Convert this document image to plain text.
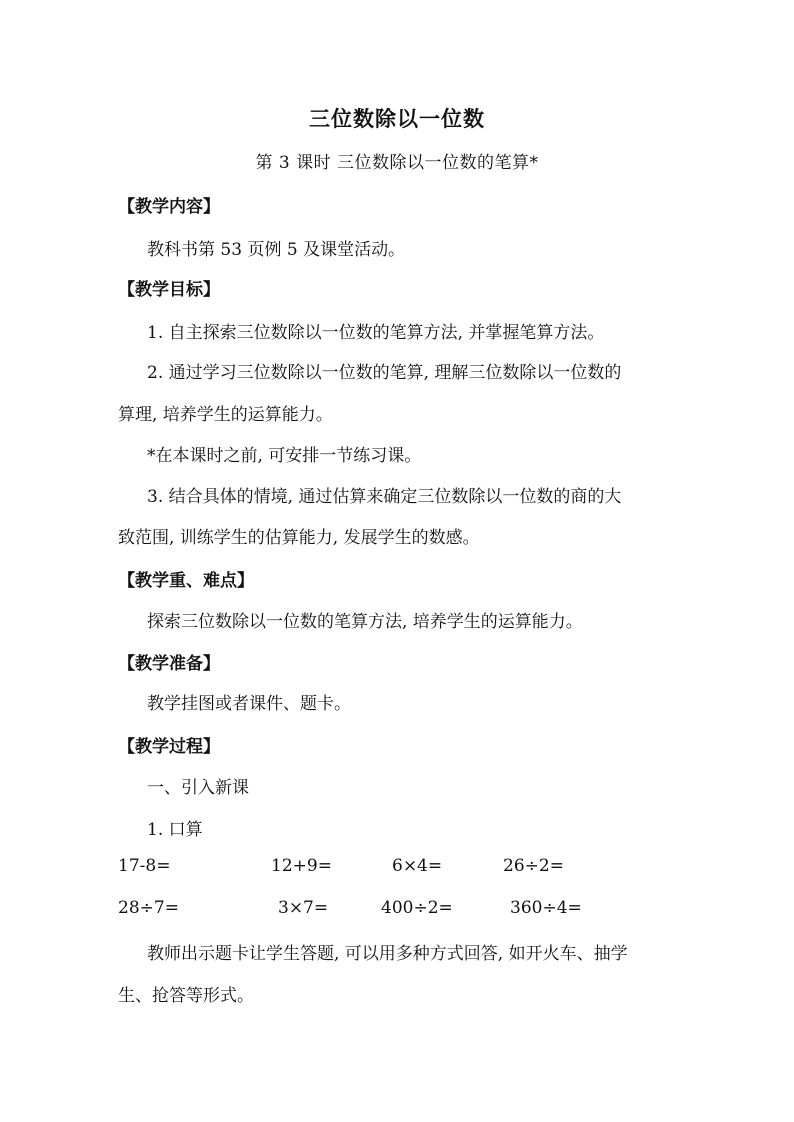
三位数除以一位数
第 3 课时 三位数除以一位数的笔算*
【教学内容】
教科书第 53 页例 5 及课堂活动。
【教学目标】
1. 自主探索三位数除以一位数的笔算方法, 并掌握笔算方法。
2. 通过学习三位数除以一位数的笔算, 理解三位数除以一位数的
算理, 培养学生的运算能力。
*在本课时之前, 可安排一节练习课。
3. 结合具体的情境, 通过估算来确定三位数除以一位数的商的大
致范围, 训练学生的估算能力, 发展学生的数感。
【教学重、难点】
探索三位数除以一位数的笔算方法, 培养学生的运算能力。
【教学准备】
教学挂图或者课件、题卡。
【教学过程】
一、引入新课
1. 口算
17-8=	12+9=	6×4=	26÷2=
28÷7=	3×7=	400÷2=	360÷4=
教师出示题卡让学生答题, 可以用多种方式回答, 如开火车、抽学
生、抢答等形式。
